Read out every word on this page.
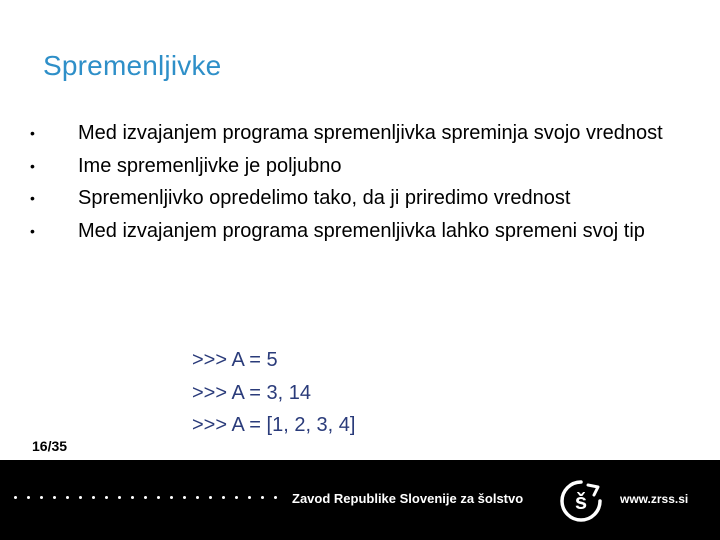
Spremenljivke
• Med izvajanjem programa spremenljivka spreminja svojo vrednost
• Ime spremenljivke je poljubno
• Spremenljivko opredelimo tako, da ji priredimo vrednost
• Med izvajanjem programa spremenljivka lahko spremeni svoj tip
>>> A = 5
>>> A = 3, 14
>>> A = [1, 2, 3, 4]
16/35
Zavod Republike Slovenije za šolstvo š	www.zrss.si
